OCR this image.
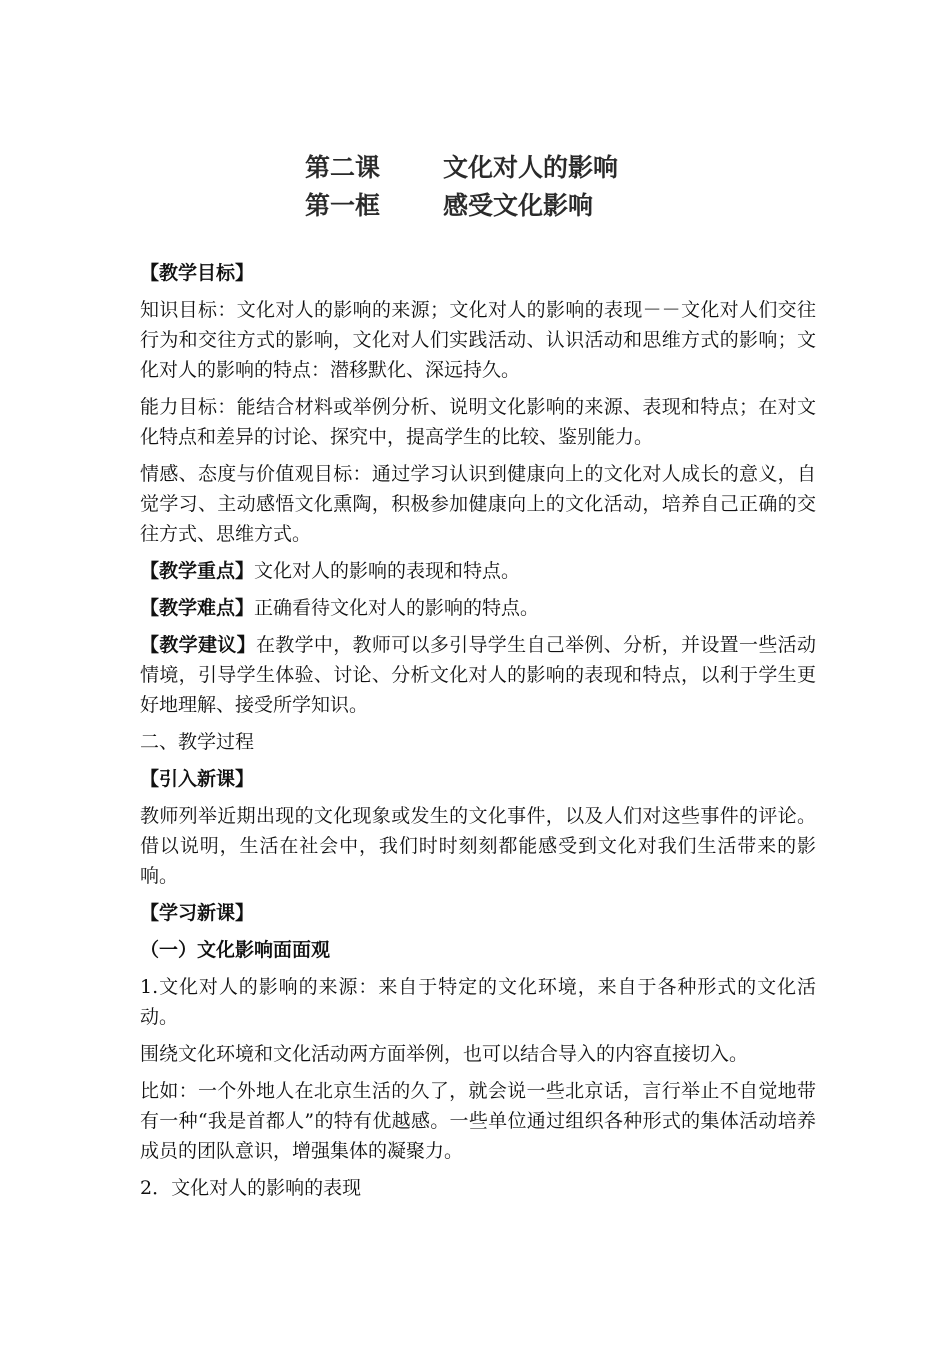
第二课	文化对人的影响
第一框	感受文化影响

【教学目标】

知识目标：文化对人的影响的来源；文化对人的影响的表现－－文化对人们交往行为和交往方式的影响，文化对人们实践活动、认识活动和思维方式的影响；文化对人的影响的特点：潜移默化、深远持久。

能力目标：能结合材料或举例分析、说明文化影响的来源、表现和特点；在对文化特点和差异的讨论、探究中，提高学生的比较、鉴别能力。

情感、态度与价值观目标：通过学习认识到健康向上的文化对人成长的意义，自觉学习、主动感悟文化熏陶，积极参加健康向上的文化活动，培养自己正确的交往方式、思维方式。

【教学重点】文化对人的影响的表现和特点。

【教学难点】正确看待文化对人的影响的特点。

【教学建议】在教学中，教师可以多引导学生自己举例、分析，并设置一些活动情境，引导学生体验、讨论、分析文化对人的影响的表现和特点，以利于学生更好地理解、接受所学知识。

二、教学过程

【引入新课】

教师列举近期出现的文化现象或发生的文化事件，以及人们对这些事件的评论。借以说明，生活在社会中，我们时时刻刻都能感受到文化对我们生活带来的影响。

【学习新课】

（一）文化影响面面观

1.文化对人的影响的来源：来自于特定的文化环境，来自于各种形式的文化活动。

围绕文化环境和文化活动两方面举例，也可以结合导入的内容直接切入。

比如：一个外地人在北京生活的久了，就会说一些北京话，言行举止不自觉地带有一种“我是首都人”的特有优越感。一些单位通过组织各种形式的集体活动培养成员的团队意识，增强集体的凝聚力。

2．文化对人的影响的表现
